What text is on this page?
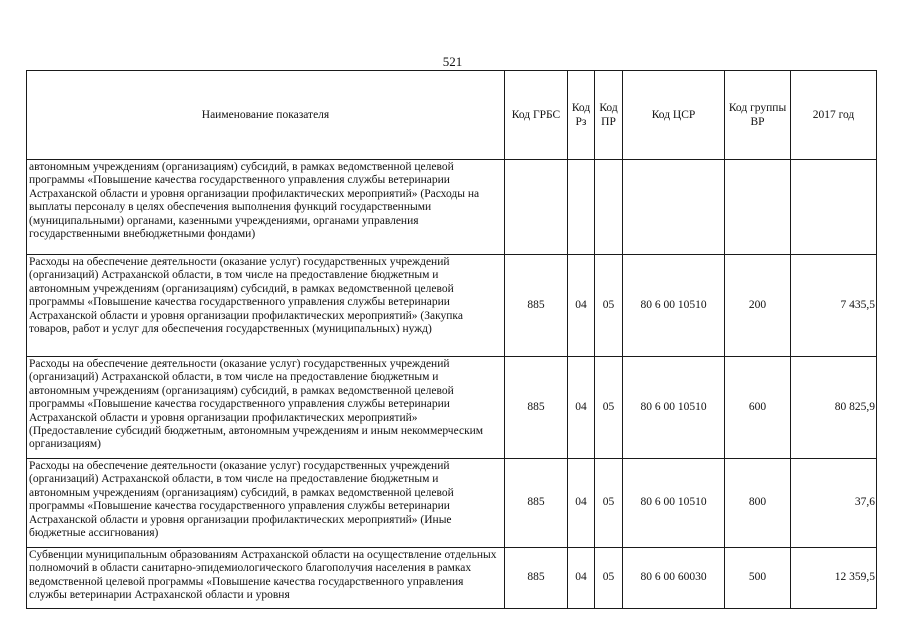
521
Наименование показателя	Код ГРБС	Код Рз	Код ПР	Код ЦСР	Код группы ВР	2017 год
автономным учреждениям (организациям) субсидий, в рамках ведомственной целевой программы «Повышение качества государственного управления службы ветеринарии Астраханской области и уровня организации профилактических мероприятий» (Расходы на выплаты персоналу в целях обеспечения выполнения функций государственными (муниципальными) органами, казенными учреждениями, органами управления государственными внебюджетными фондами)						
Расходы на обеспечение деятельности (оказание услуг) государственных учреждений (организаций) Астраханской области, в том числе на предоставление бюджетным и автономным учреждениям (организациям) субсидий, в рамках ведомственной целевой программы «Повышение качества государственного управления службы ветеринарии Астраханской области и уровня организации профилактических мероприятий» (Закупка товаров, работ и услуг для обеспечения государственных (муниципальных) нужд)	885	04	05	80 6 00 10510	200	7 435,5
Расходы на обеспечение деятельности (оказание услуг) государственных учреждений (организаций) Астраханской области, в том числе на предоставление бюджетным и автономным учреждениям (организациям) субсидий, в рамках ведомственной целевой программы «Повышение качества государственного управления службы ветеринарии Астраханской области и уровня организации профилактических мероприятий» (Предоставление субсидий бюджетным, автономным учреждениям и иным некоммерческим организациям)	885	04	05	80 6 00 10510	600	80 825,9
Расходы на обеспечение деятельности (оказание услуг) государственных учреждений (организаций) Астраханской области, в том числе на предоставление бюджетным и автономным учреждениям (организациям) субсидий, в рамках ведомственной целевой программы «Повышение качества государственного управления службы ветеринарии Астраханской области и уровня организации профилактических мероприятий» (Иные бюджетные ассигнования)	885	04	05	80 6 00 10510	800	37,6
Субвенции муниципальным образованиям Астраханской области на осуществление отдельных полномочий в области санитарно-эпидемиологического благополучия населения в рамках ведомственной целевой программы «Повышение качества государственного управления службы ветеринарии Астраханской области и уровня	885	04	05	80 6 00 60030	500	12 359,5
